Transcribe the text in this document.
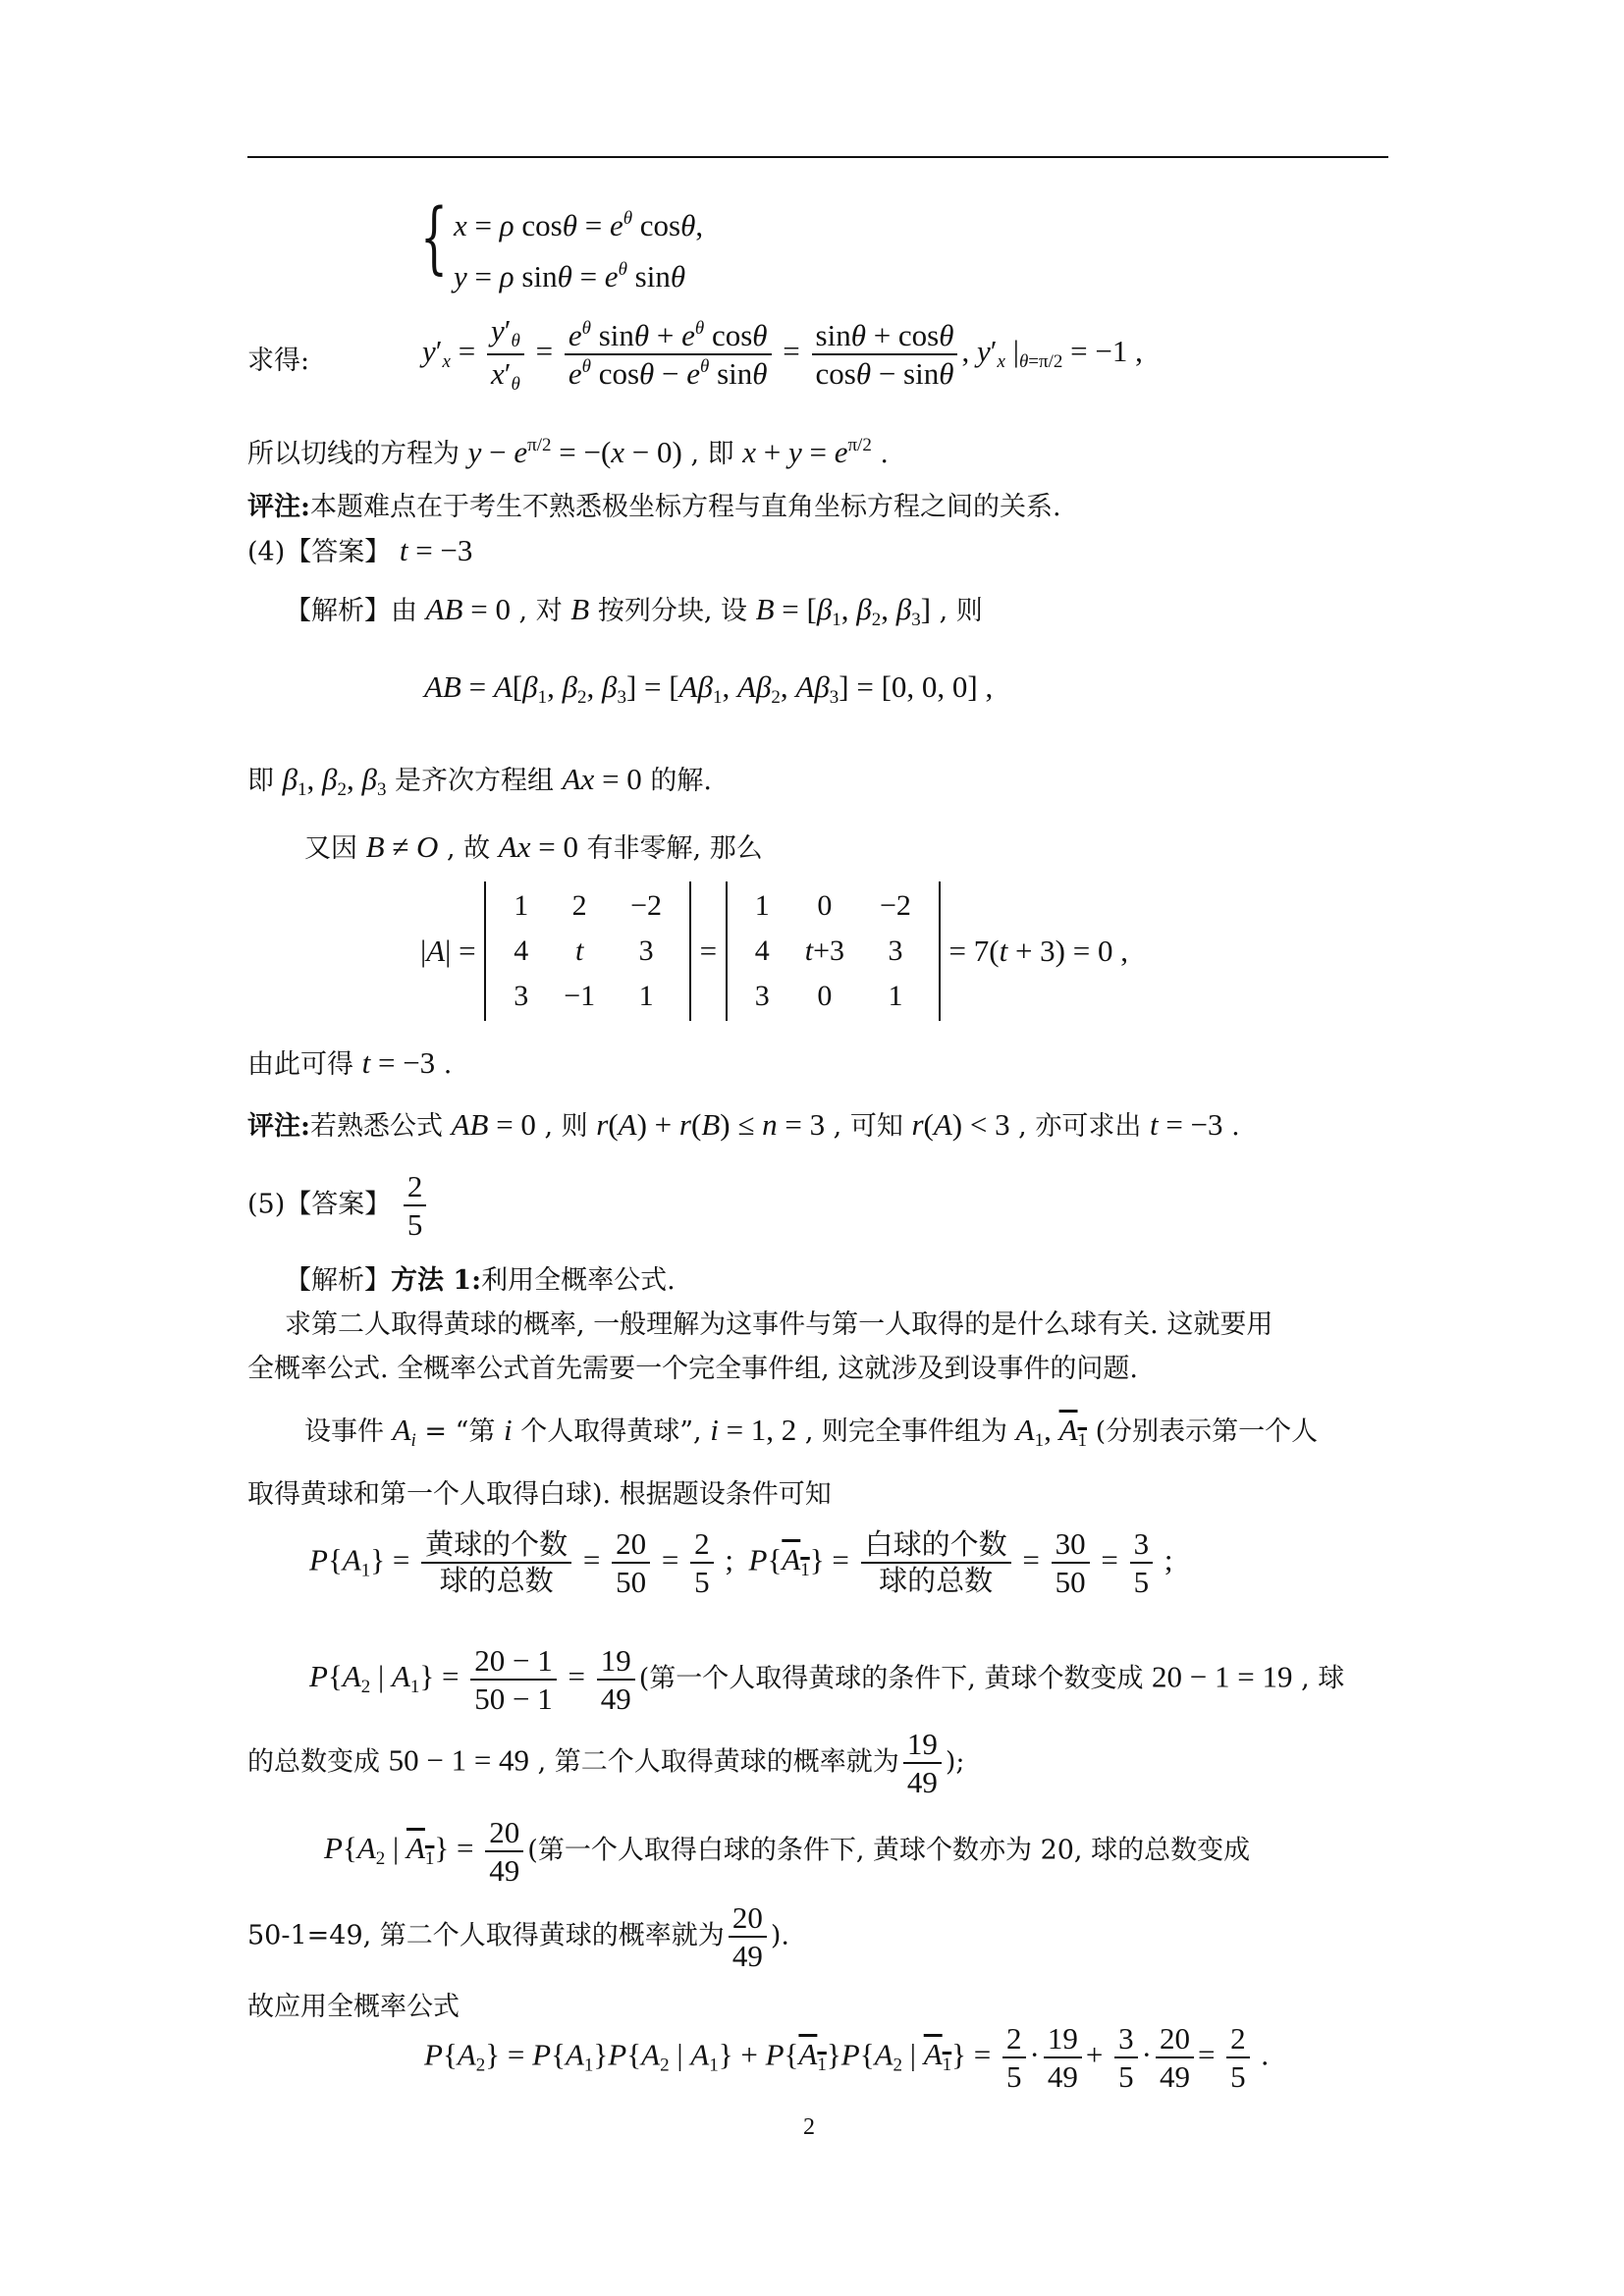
{ x = ρ $\cos\theta = e^\theta$ cosθ,
y = ρ $\sin\theta = e^\theta$ sinθ
求得:	$y'_x = \frac{y'_\theta}{x'_\theta} = \frac{e^\theta \sin\theta + e^\theta \cos\theta}{e^\theta \cos\theta - e^\theta \sin\theta} = \frac{\sin\theta + \cos\theta}{\cos\theta - \sin\theta}$ , $y'_x$ $|_{\theta=\pi/2} = -1$ ,
所以切线的方程为 $y - e^{\pi/2} = -(x - 0)$ , 即 $x + y = e^{\pi/2}$ .
评注:本题难点在于考生不熟悉极坐标方程与直角坐标方程之间的关系.
(4)【答案】 t = −3
【解析】由 AB = 0 , 对 B 按列分块, 设 $B = [\beta_1$, $\beta_2$, $\beta_3$] , 则
AB = $A[\beta_1$, $\beta_2$, $\beta_3] = [A\beta_1$, $A\beta_2$, $A\beta_3] = [0$, 0, 0] ,
即 $\beta_1$, $\beta_2$, $\beta_3$ 是齐次方程组 Ax = 0 的解.
又因 B ≠ O , 故 Ax = 0 有非零解, 那么
|A| =
1	2	−2
4	t	3
3	−1	1
=
1	0	−2
4	t+3	3
3	0	1
= 7(t + 3) = 0 ,
由此可得 t = −3 .
评注:若熟悉公式 AB = 0 , 则 r(A) + r(B) ≤ n = 3 , 可知 r(A) < 3 , 亦可求出 t = −3 .
(5)【答案】 $\frac{2}{5}$
【解析】方法 1:利用全概率公式.
求第二人取得黄球的概率, 一般理解为这事件与第一人取得的是什么球有关. 这就要用
全概率公式. 全概率公式首先需要一个完全事件组, 这就涉及到设事件的问题.
设事件 $A_i$ = “第 i 个人取得黄球”, i = 1, 2 , 则完全事件组为 $A_1$, $A_1$ (分别表示第一个人
取得黄球和第一个人取得白球). 根据题设条件可知
$P\{A_1\} = \frac{\text{黄球的个数}}{\text{球的总数}} = \frac{20}{50} = \frac{2}{5}$ ;  $P\{A_1\} = \frac{\text{白球的个数}}{\text{球的总数}} = \frac{30}{50} = \frac{3}{5}$ ;
$P\{A_2$ | $A_1\} = \frac{20 - 1}{50 - 1} = \frac{19}{49}$ (第一个人取得黄球的条件下, 黄球个数变成 20 − 1 = 19 , 球
的总数变成 50 − 1 = 49 , 第二个人取得黄球的概率就为 $\frac{19}{49}$ );
$P\{A_2$ | $A_1\} = \frac{20}{49}$ (第一个人取得白球的条件下, 黄球个数亦为 20, 球的总数变成
50-1=49, 第二个人取得黄球的概率就为 $\frac{20}{49}$ ).
故应用全概率公式
$P\{A_2\} = P\{A_1\}P\{A_2$ | $A_1\} + P\{A_1\}P\{A_2$ | $A_1\} = \frac{2}{5} \cdot \frac{19}{49} + \frac{3}{5} \cdot \frac{20}{49} = \frac{2}{5}$ .
2
